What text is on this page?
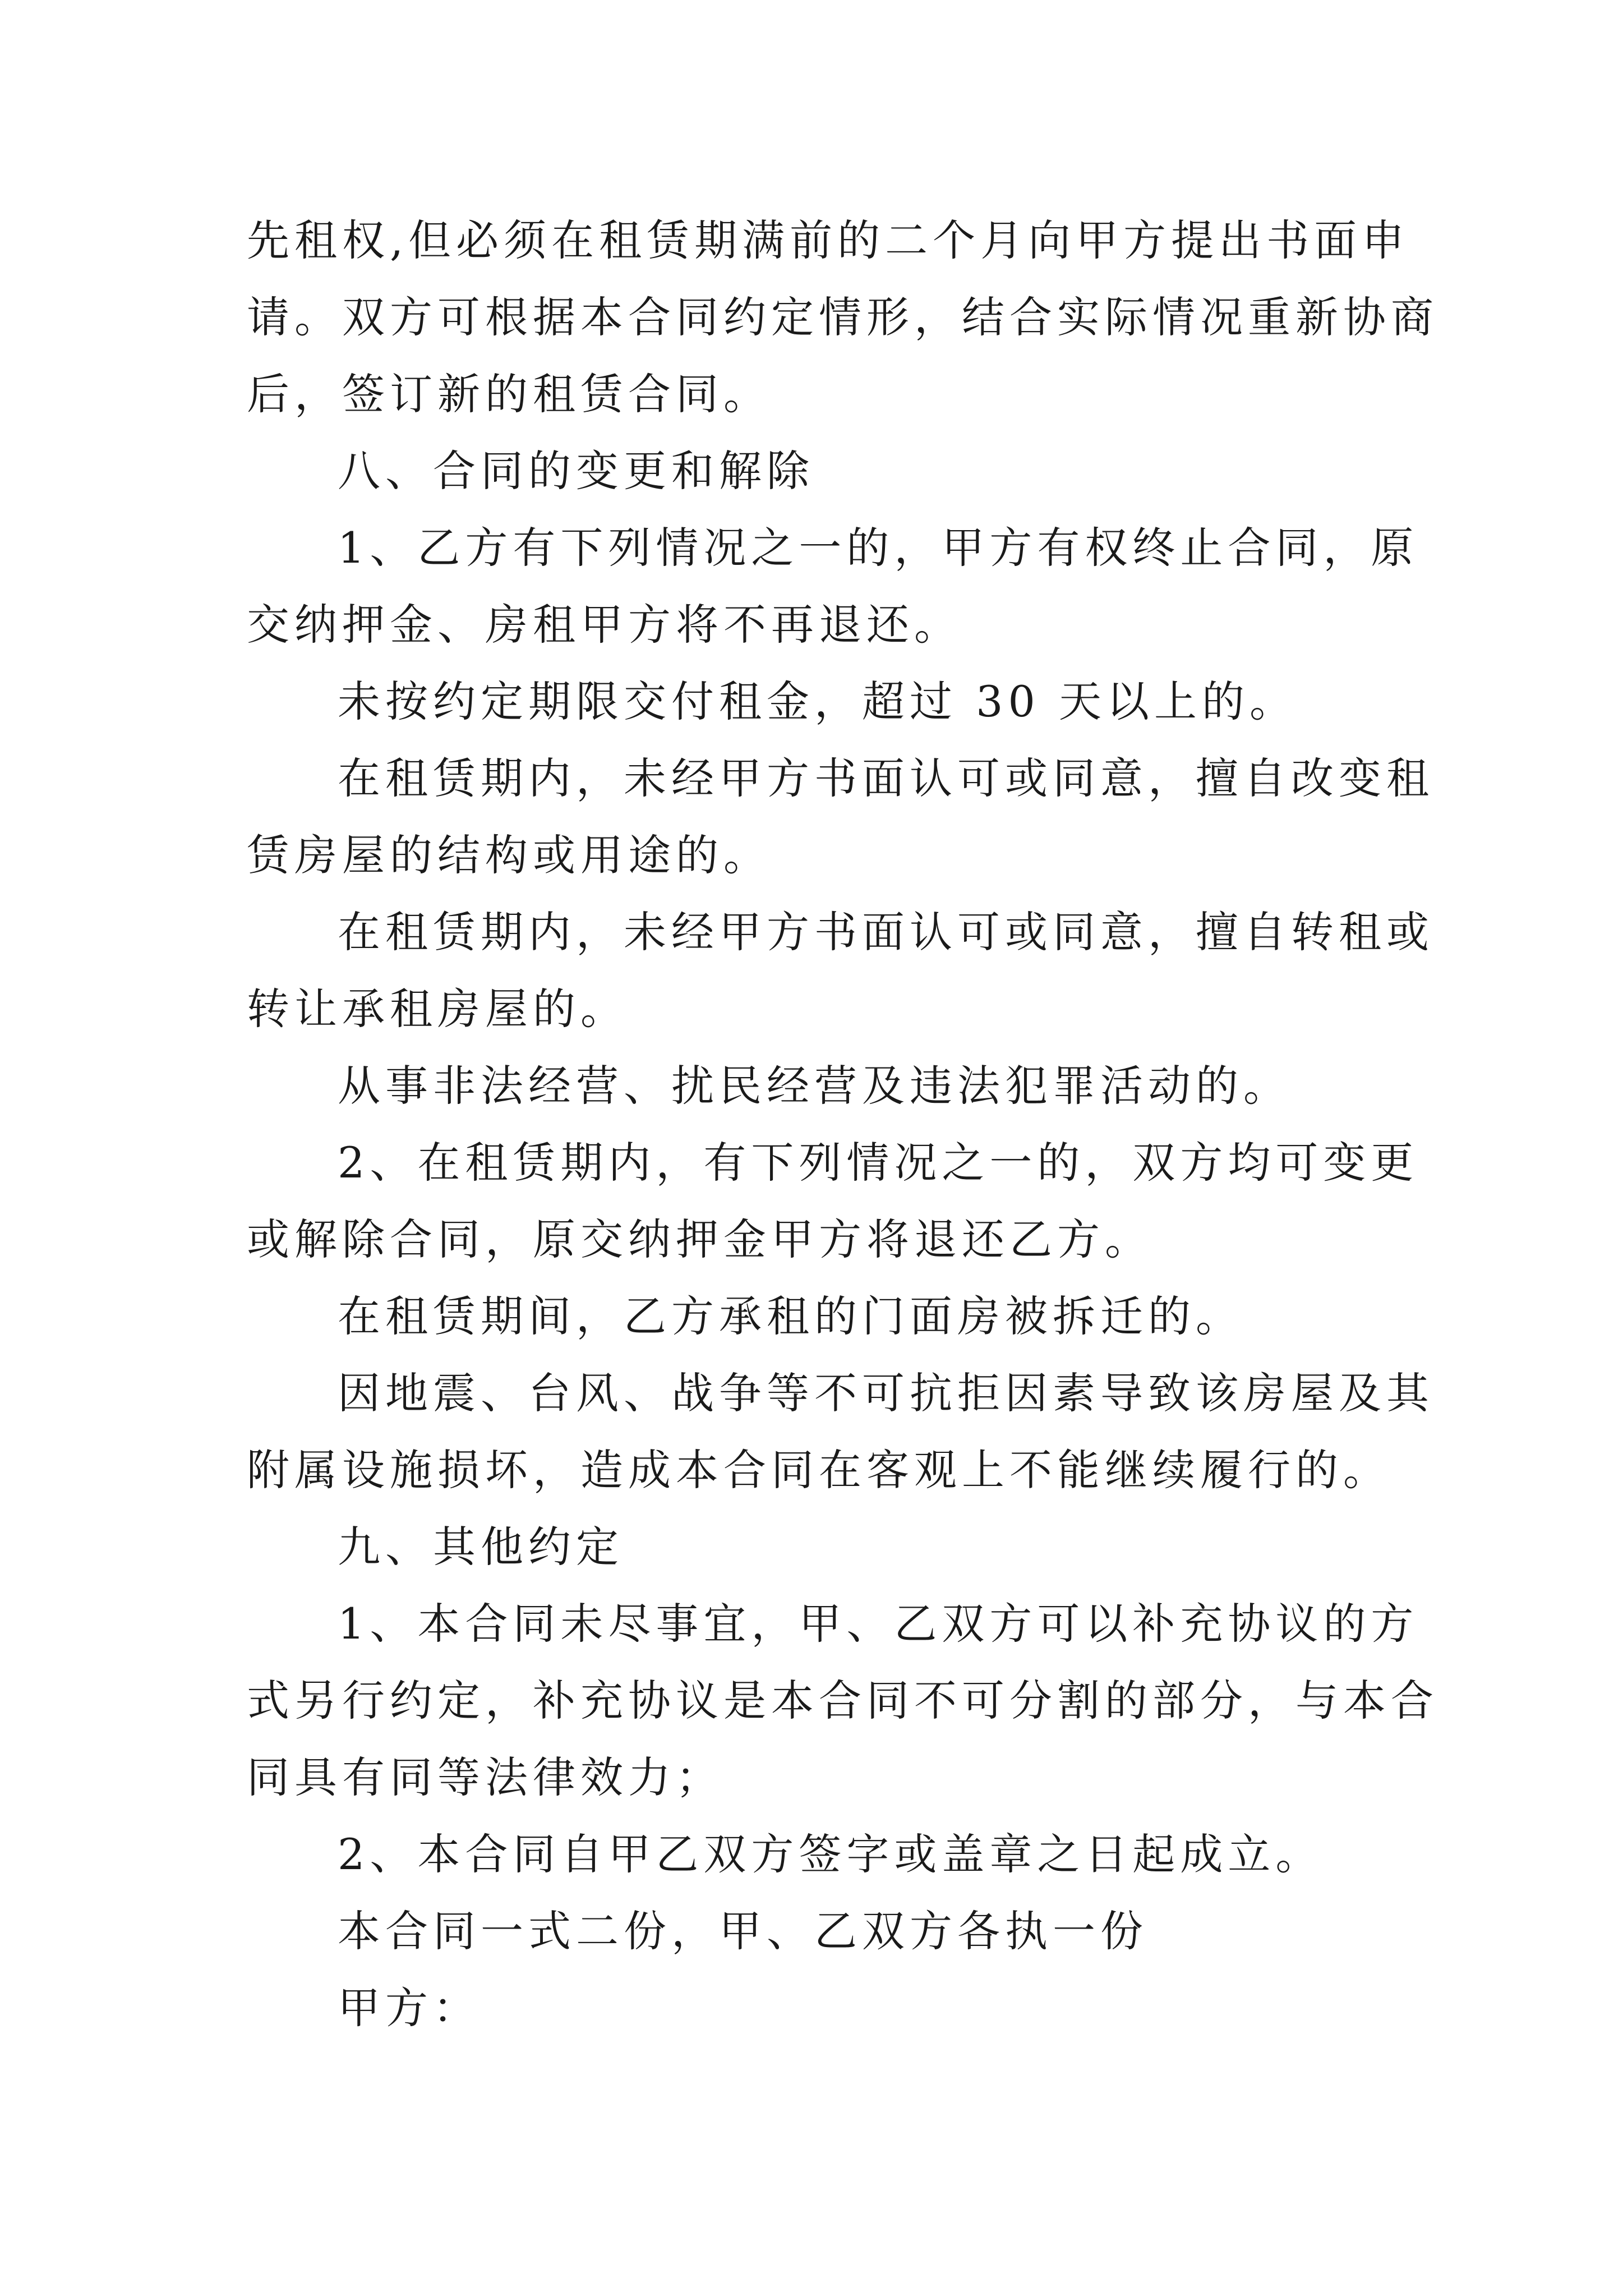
先租权,但必须在租赁期满前的二个月向甲方提出书面申请。双方可根据本合同约定情形，结合实际情况重新协商后，签订新的租赁合同。

八、合同的变更和解除

1、乙方有下列情况之一的，甲方有权终止合同，原交纳押金、房租甲方将不再退还。

未按约定期限交付租金，超过 30 天以上的。

在租赁期内，未经甲方书面认可或同意，擅自改变租赁房屋的结构或用途的。

在租赁期内，未经甲方书面认可或同意，擅自转租或转让承租房屋的。

从事非法经营、扰民经营及违法犯罪活动的。

2、在租赁期内，有下列情况之一的，双方均可变更或解除合同，原交纳押金甲方将退还乙方。

在租赁期间，乙方承租的门面房被拆迁的。

因地震、台风、战争等不可抗拒因素导致该房屋及其附属设施损坏，造成本合同在客观上不能继续履行的。

九、其他约定

1、本合同未尽事宜，甲、乙双方可以补充协议的方式另行约定，补充协议是本合同不可分割的部分，与本合同具有同等法律效力；

2、本合同自甲乙双方签字或盖章之日起成立。

本合同一式二份，甲、乙双方各执一份

甲方：
